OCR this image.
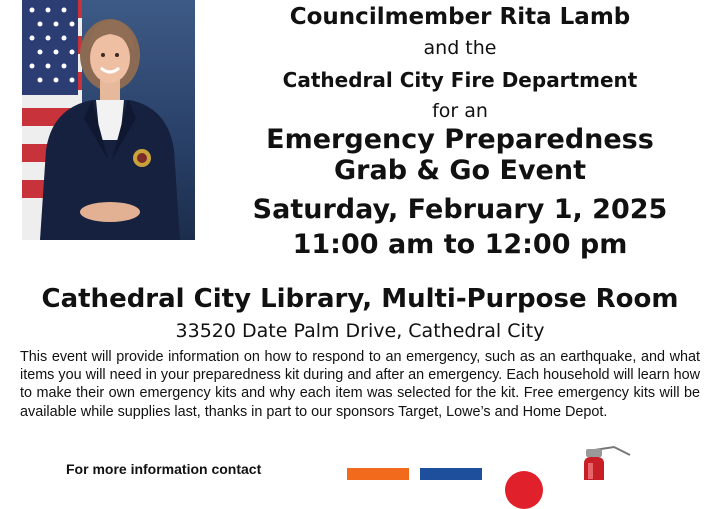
Councilmember Rita Lamb
and the
Cathedral City Fire Department
for an
Emergency Preparedness
Grab & Go Event
Saturday, February 1, 2025
11:00 am to 12:00 pm
Cathedral City Library, Multi-Purpose Room
33520 Date Palm Drive, Cathedral City

This event will provide information on how to respond to an emergency, such as an earthquake, and what items you will need in your preparedness kit during and after an emergency. Each household will learn how to make their own emergency kits and why each item was selected for the kit. Free emergency kits will be available while supplies last, thanks in part to our sponsors Target, Lowe’s and Home Depot.

For more information contact
